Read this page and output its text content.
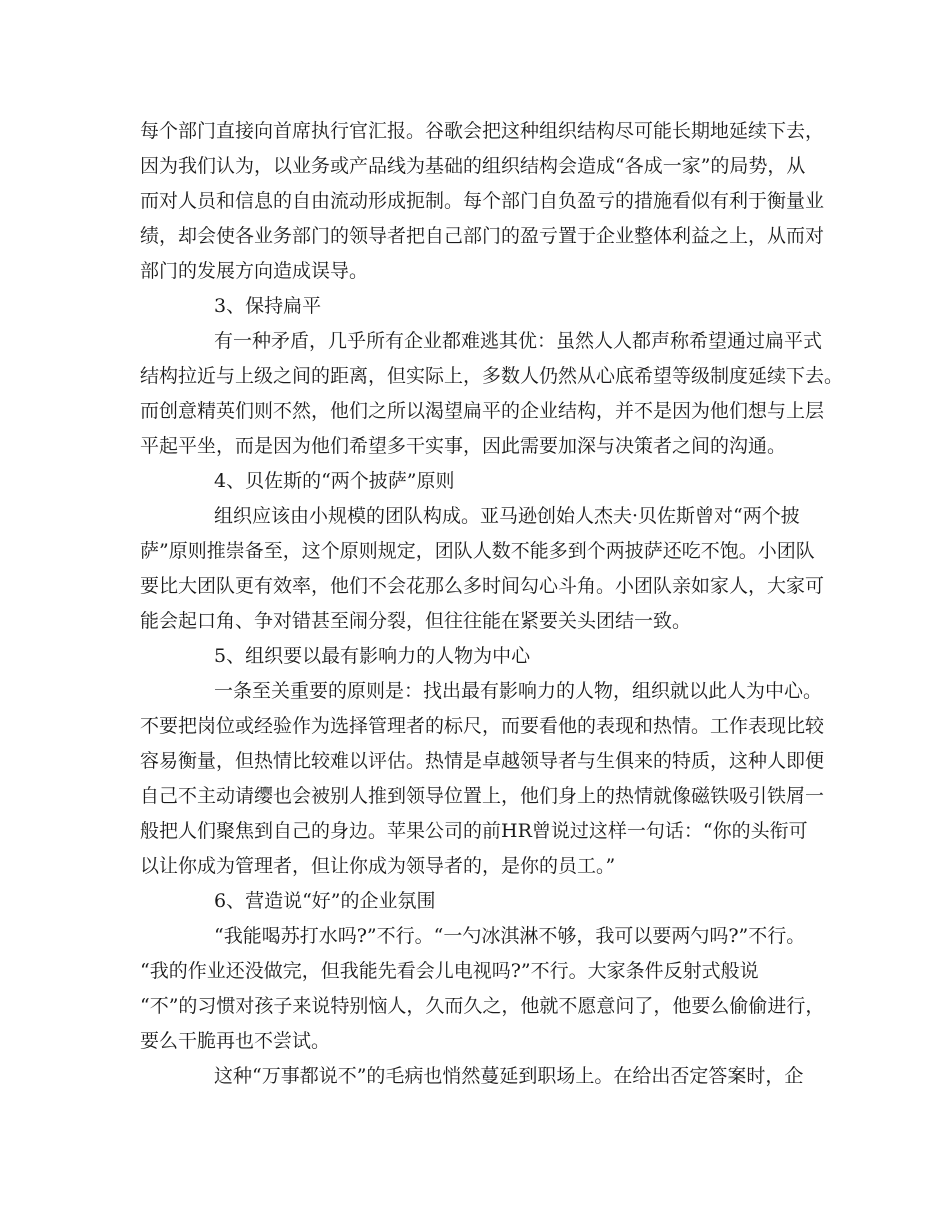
每个部门直接向首席执行官汇报。谷歌会把这种组织结构尽可能长期地延续下去，
因为我们认为，以业务或产品线为基础的组织结构会造成“各成一家”的局势，从
而对人员和信息的自由流动形成扼制。每个部门自负盈亏的措施看似有利于衡量业
绩，却会使各业务部门的领导者把自己部门的盈亏置于企业整体利益之上，从而对
部门的发展方向造成误导。
3、保持扁平
有一种矛盾，几乎所有企业都难逃其优：虽然人人都声称希望通过扁平式
结构拉近与上级之间的距离，但实际上，多数人仍然从心底希望等级制度延续下去。
而创意精英们则不然，他们之所以渴望扁平的企业结构，并不是因为他们想与上层
平起平坐，而是因为他们希望多干实事，因此需要加深与决策者之间的沟通。
4、贝佐斯的“两个披萨”原则
组织应该由小规模的团队构成。亚马逊创始人杰夫·贝佐斯曾对“两个披
萨”原则推崇备至，这个原则规定，团队人数不能多到个两披萨还吃不饱。小团队
要比大团队更有效率，他们不会花那么多时间勾心斗角。小团队亲如家人，大家可
能会起口角、争对错甚至闹分裂，但往往能在紧要关头团结一致。
5、组织要以最有影响力的人物为中心
一条至关重要的原则是：找出最有影响力的人物，组织就以此人为中心。
不要把岗位或经验作为选择管理者的标尺，而要看他的表现和热情。工作表现比较
容易衡量，但热情比较难以评估。热情是卓越领导者与生俱来的特质，这种人即便
自己不主动请缨也会被别人推到领导位置上，他们身上的热情就像磁铁吸引铁屑一
般把人们聚焦到自己的身边。苹果公司的前HR曾说过这样一句话：“你的头衔可
以让你成为管理者，但让你成为领导者的，是你的员工。”
6、营造说“好”的企业氛围
“我能喝苏打水吗?”不行。“一勺冰淇淋不够，我可以要两勺吗?”不行。
“我的作业还没做完，但我能先看会儿电视吗?”不行。大家条件反射式般说
“不”的习惯对孩子来说特别恼人，久而久之，他就不愿意问了，他要么偷偷进行，
要么干脆再也不尝试。
这种“万事都说不”的毛病也悄然蔓延到职场上。在给出否定答案时，企
